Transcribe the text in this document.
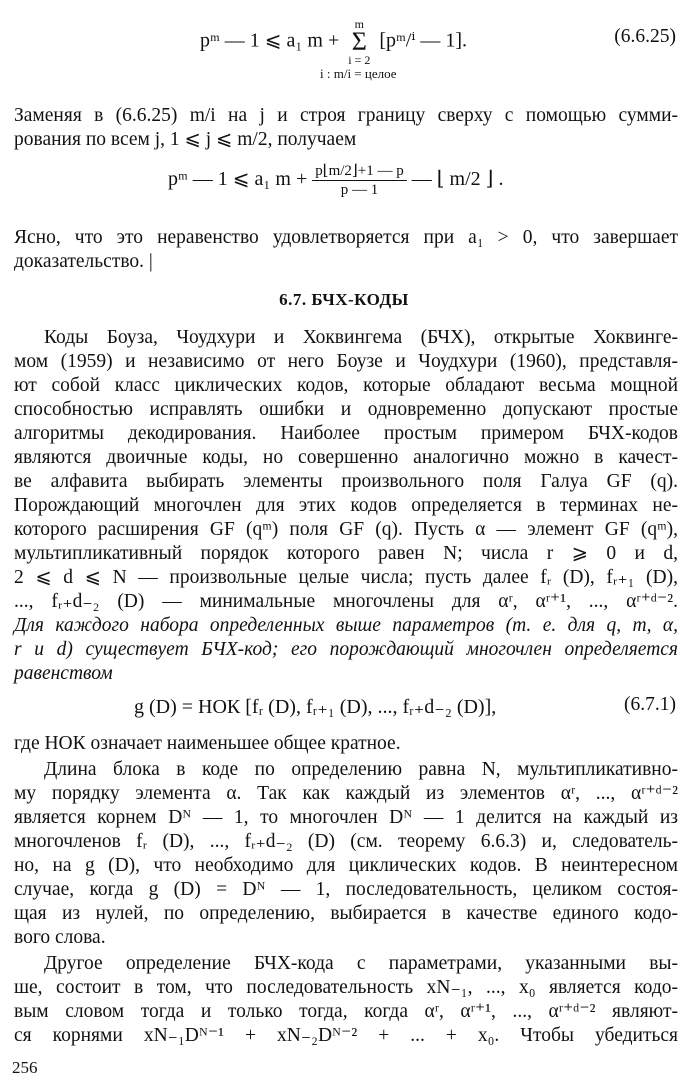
pᵐ — 1 ⩽ a₁ m +
m
Σ
i = 2
[pᵐ/ⁱ — 1].	(6.6.25)
i : m/i = целое
Заменяя в (6.6.25) m/i на j и строя границу сверху с помощью сумми-
рования по всем j, 1 ⩽ j ⩽ m/2, получаем
pᵐ — 1 ⩽ a₁ $m + \frac{p⌊m/2⌋+1 — p}{p — 1}$ — ⌊ m/2 ⌋ .
Ясно, что это неравенство удовлетворяется при a₁ > 0, что завершает
доказательство. |
6.7. БЧХ-КОДЫ
Коды Боуза, Чоудхури и Хоквингема (БЧХ), открытые Хоквинге-
мом (1959) и независимо от него Боузе и Чоудхури (1960), представля-
ют собой класс циклических кодов, которые обладают весьма мощной
способностью исправлять ошибки и одновременно допускают простые
алгоритмы декодирования. Наиболее простым примером БЧХ-кодов
являются двоичные коды, но совершенно аналогично можно в качест-
ве алфавита выбирать элементы произвольного поля Галуа GF (q).
Порождающий многочлен для этих кодов определяется в терминах не-
которого расширения GF (qᵐ) поля GF (q). Пусть α — элемент GF (qᵐ),
мультипликативный порядок которого равен N; числа r ⩾ 0 и d,
2 ⩽ d ⩽ N — произвольные целые числа; пусть далее fᵣ (D), fᵣ₊₁ (D),
..., fᵣ₊d₋₂ (D) — минимальные многочлены для αʳ, αʳ⁺¹, ..., αʳ⁺ᵈ⁻².
Для каждого набора определенных выше параметров (т. е. для q, m, α,
r и d) существует БЧХ-код; его порождающий многочлен определяется
равенством
g (D) = НОК [fᵣ (D), fᵣ₊₁ (D), ..., fᵣ₊d₋₂ (D)],	(6.7.1)
где НОК означает наименьшее общее кратное.
Длина блока в коде по определению равна N, мультипликативно-
му порядку элемента α. Так как каждый из элементов αʳ, ..., αʳ⁺ᵈ⁻²
является корнем Dᴺ — 1, то многочлен Dᴺ — 1 делится на каждый из
многочленов fᵣ (D), ..., fᵣ₊d₋₂ (D) (см. теорему 6.6.3) и, следователь-
но, на g (D), что необходимо для циклических кодов. В неинтересном
случае, когда g (D) = Dᴺ — 1, последовательность, целиком состоя-
щая из нулей, по определению, выбирается в качестве единого кодо-
вого слова.
Другое определение БЧХ-кода с параметрами, указанными вы-
ше, состоит в том, что последовательность xN₋₁, ..., x₀ является кодо-
вым словом тогда и только тогда, когда αʳ, αʳ⁺¹, ..., αʳ⁺ᵈ⁻² являют-
ся корнями xN₋₁Dᴺ⁻¹ + xN₋₂Dᴺ⁻² + ... + x₀. Чтобы убедиться
256
